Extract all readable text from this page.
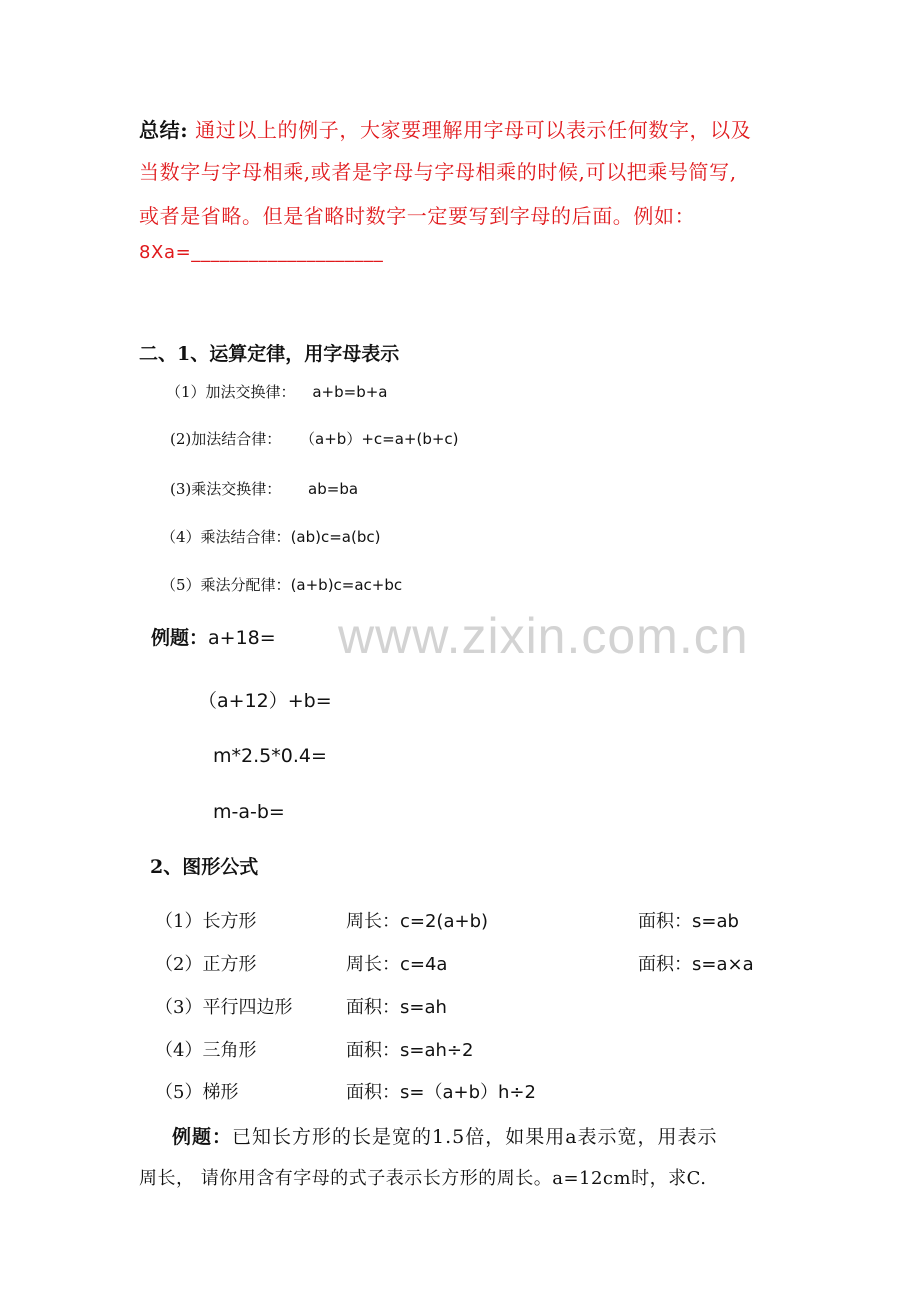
总结: 通过以上的例子，大家要理解用字母可以表示任何数字，以及
当数字与字母相乘,或者是字母与字母相乘的时候,可以把乘号简写,
或者是省略。但是省略时数字一定要写到字母的后面。例如：
8Xa=____________________
二、1、运算定律，用字母表示
（1）加法交换律： a+b=b+a
(2)加法结合律： （a+b）+c=a+(b+c)
(3)乘法交换律： ab=ba
（4）乘法结合律：(ab)c=a(bc)
（5）乘法分配律：(a+b)c=ac+bc
www.zixin.com.cn
例题：a+18=
（a+12）+b=
m*2.5*0.4=
m-a-b=
2、图形公式
（1）长方形	周长：c=2(a+b)	面积：s=ab
（2）正方形	周长：c=4a	面积：s=a×a
（3）平行四边形	面积：s=ah
（4）三角形	面积：s=ah÷2
（5）梯形	面积：s=（a+b）h÷2
例题：已知长方形的长是宽的1.5倍，如果用a表示宽，用表示
周长， 请你用含有字母的式子表示长方形的周长。a=12cm时，求C.
